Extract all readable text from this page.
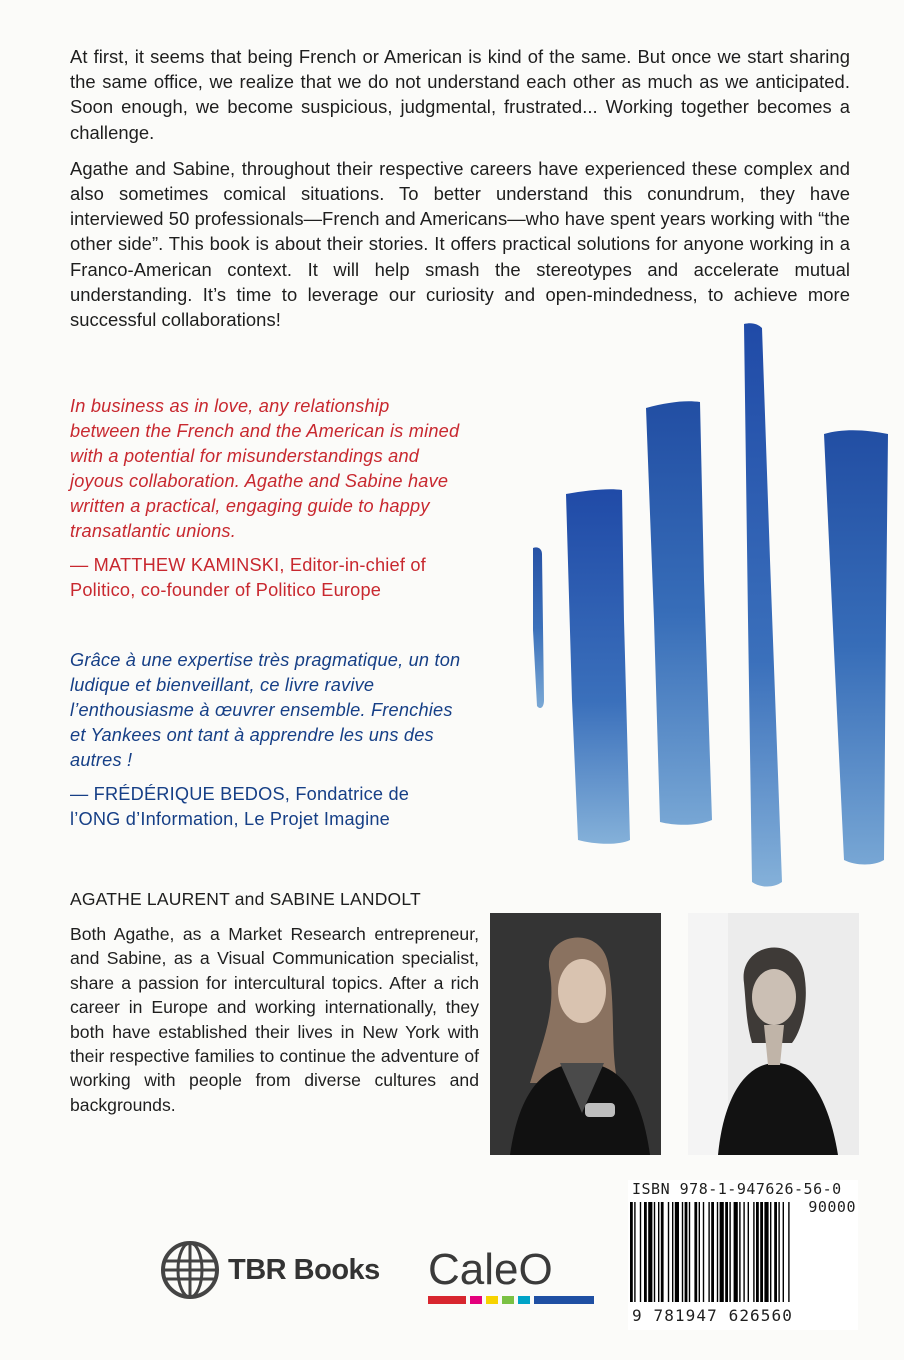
At first, it seems that being French or American is kind of the same. But once we start sharing the same office, we realize that we do not understand each other as much as we anticipated. Soon enough, we become suspicious, judgmental, frustrated... Working together becomes a challenge.

Agathe and Sabine, throughout their respective careers have experienced these complex and also sometimes comical situations. To better understand this conundrum, they have interviewed 50 professionals—French and Americans—who have spent years working with “the other side”. This book is about their stories. It offers practical solutions for anyone working in a Franco-American context. It will help smash the stereotypes and accelerate mutual understanding. It’s time to leverage our curiosity and open-mindedness, to achieve more successful collaborations!

In business as in love, any relationship between the French and the American is mined with a potential for misunderstandings and joyous collaboration. Agathe and Sabine have written a practical, engaging guide to happy transatlantic unions.

— MATTHEW KAMINSKI, Editor-in-chief of Politico, co-founder of Politico Europe

Grâce à une expertise très pragmatique, un ton ludique et bienveillant, ce livre ravive l’enthousiasme à œuvrer ensemble. Frenchies et Yankees ont tant à apprendre les uns des autres !

— FRÉDÉRIQUE BEDOS, Fondatrice de l’ONG d’Information, Le Projet Imagine

AGATHE LAURENT and SABINE LANDOLT
Both Agathe, as a Market Research entrepreneur, and Sabine, as a Visual Communication specialist, share a passion for intercultural topics. After a rich career in Europe and working internationally, they both have established their lives in New York with their respective families to continue the adventure of working with people from diverse cultures and backgrounds.
ISBN 978-1-947626-56-0
90000
9 781947 626560
TBR Books CaleO
